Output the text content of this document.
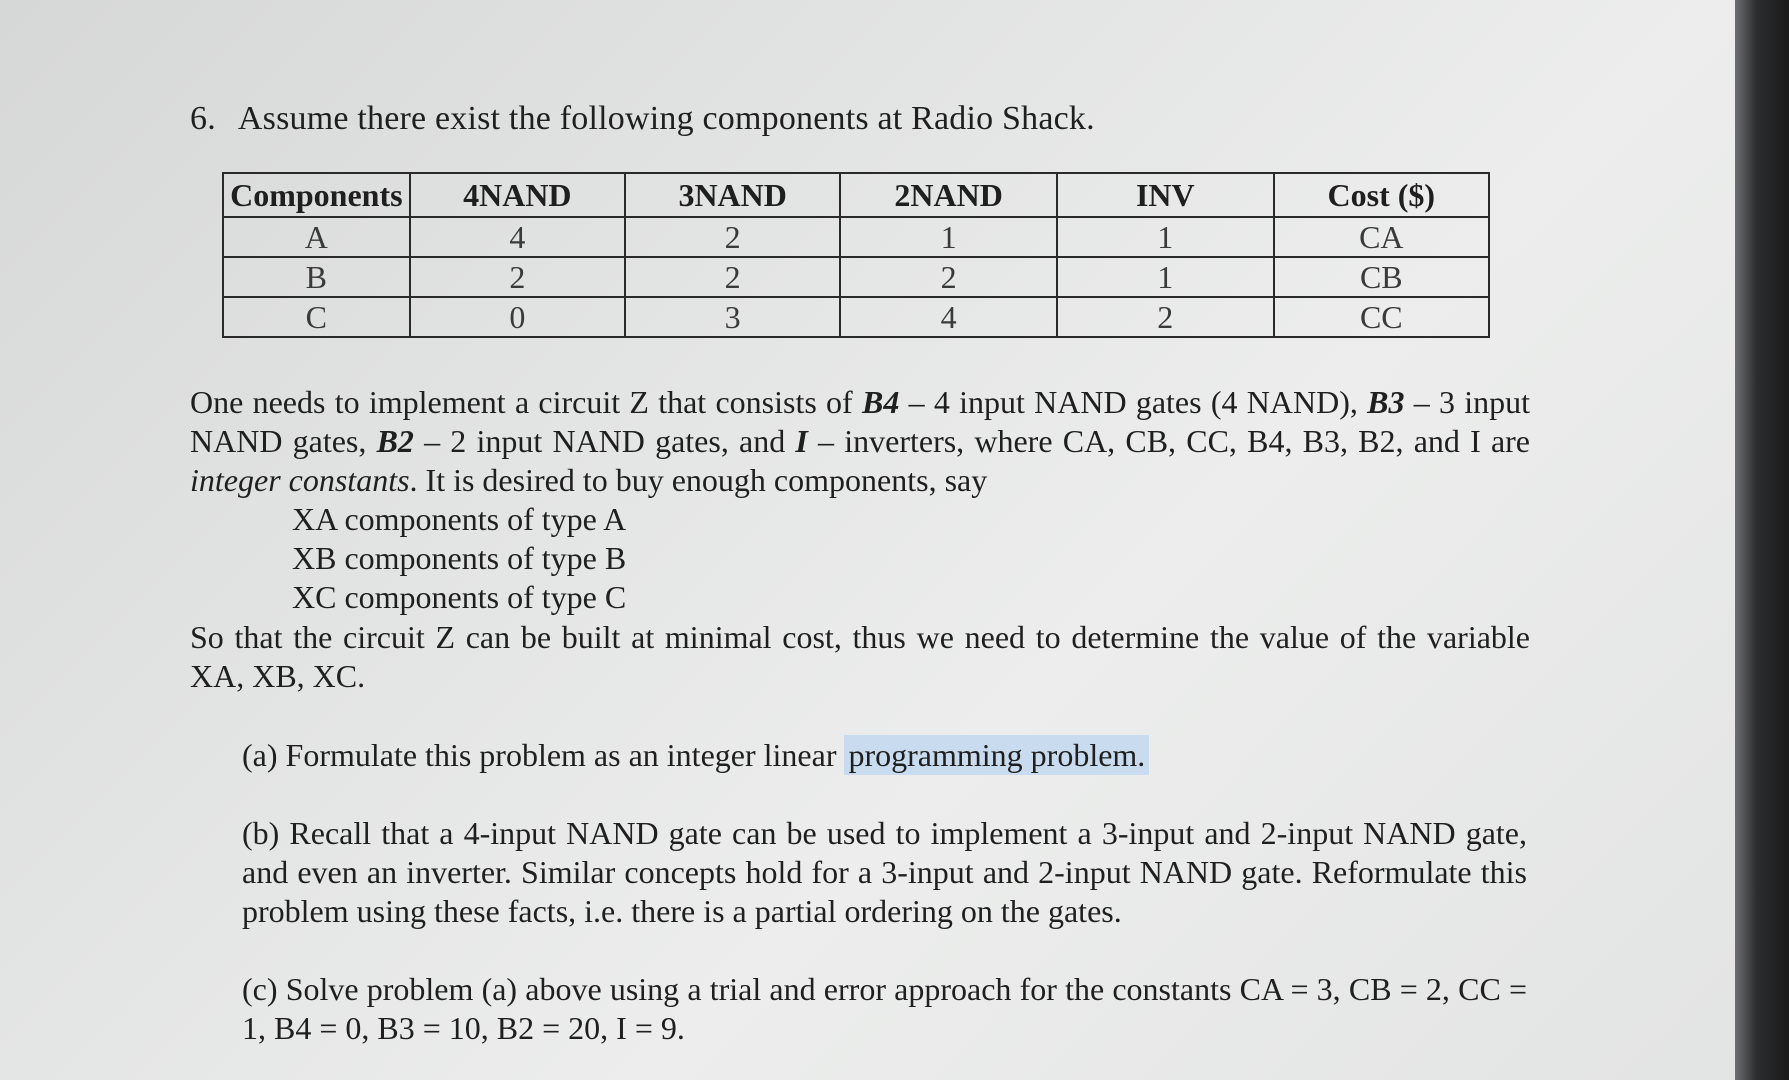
6. Assume there exist the following components at Radio Shack.
Components	4NAND	3NAND	2NAND	INV	Cost ($)
A	4	2	1	1	CA
B	2	2	2	1	CB
C	0	3	4	2	CC

One needs to implement a circuit Z that consists of B4 – 4 input NAND gates (4 NAND), B3 – 3 input NAND gates, B2 – 2 input NAND gates, and I – inverters, where CA, CB, CC, B4, B3, B2, and I are integer constants. It is desired to buy enough components, say

XA components of type A
XB components of type B
XC components of type C
So that the circuit Z can be built at minimal cost, thus we need to determine the value of the variable XA, XB, XC.
(a) Formulate this problem as an integer linear programming problem.
(b) Recall that a 4-input NAND gate can be used to implement a 3-input and 2-input NAND gate, and even an inverter. Similar concepts hold for a 3-input and 2-input NAND gate. Reformulate this problem using these facts, i.e. there is a partial ordering on the gates.
(c) Solve problem (a) above using a trial and error approach for the constants CA = 3, CB = 2, CC = 1, B4 = 0, B3 = 10, B2 = 20, I = 9.
